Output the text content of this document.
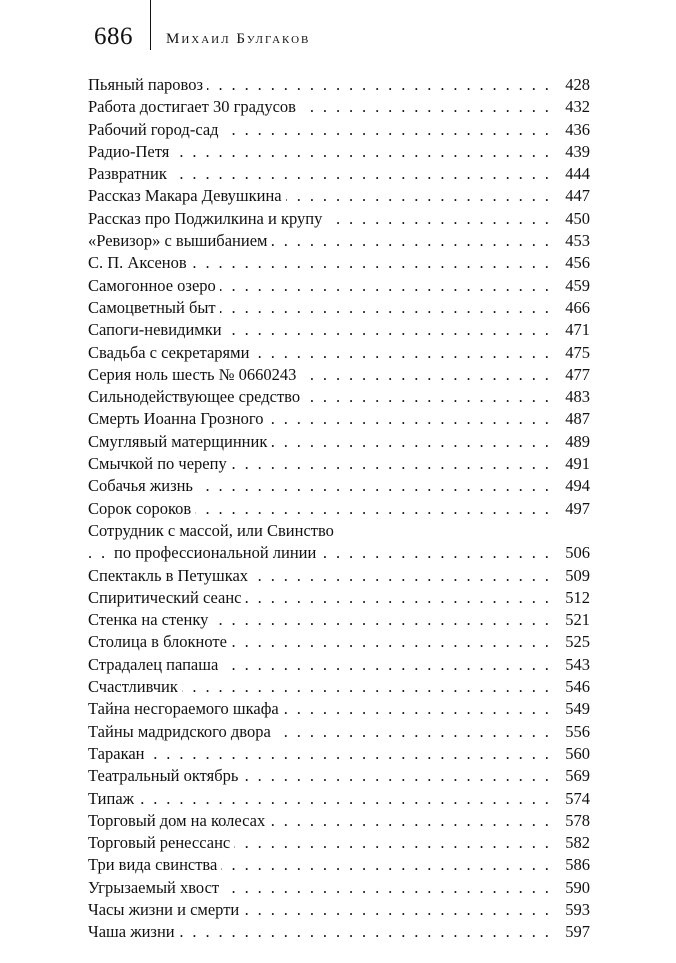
686 Михаил Булгаков
. . .
Пьяный паровоз	428
. . .
Работа достигает 30 градусов	432
. . .
Рабочий город-сад	436
. . .
Радио-Петя	439
. . .
Развратник	444
. . .
Рассказ Макара Девушкина	447
. . .
Рассказ про Поджилкина и крупу	450
. . .
«Ревизор» с вышибанием	453
. . .
С. П. Аксенов	456
. . .
Самогонное озеро	459
. . .
Самоцветный быт	466
. . .
Сапоги-невидимки	471
. . .
Свадьба с секретарями	475
. . .
Серия ноль шесть № 0660243	477
. . .
Сильнодействующее средство	483
. . .
Смерть Иоанна Грозного	487
. . .
Смуглявый матерщинник	489
. . .
Смычкой по черепу	491
. . .
Собачья жизнь	494
. . .
Сорок сороков	497
Сотрудник с массой, или Свинство
. . .
по профессиональной линии	506
. . .
Спектакль в Петушках	509
. . .
Спиритический сеанс	512
. . .
Стенка на стенку	521
. . .
Столица в блокноте	525
. . .
Страдалец папаша	543
. . .
Счастливчик	546
. . .
Тайна несгораемого шкафа	549
. . .
Тайны мадридского двора	556
. . .
Таракан	560
. . .
Театральный октябрь	569
. . .
Типаж	574
. . .
Торговый дом на колесах	578
. . .
Торговый ренессанс	582
. . .
Три вида свинства	586
. . .
Угрызаемый хвост	590
. . .
Часы жизни и смерти	593
. . .
Чаша жизни	597
